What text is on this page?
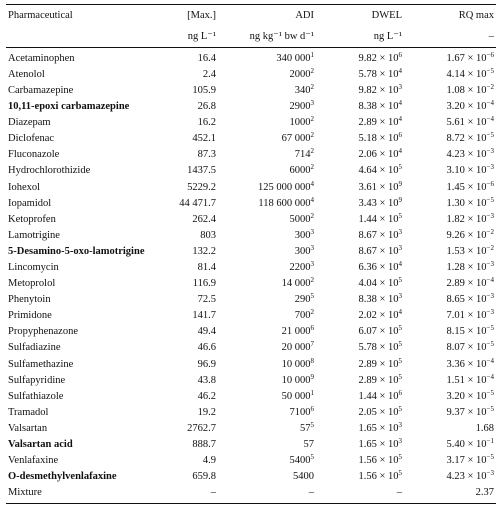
Pharmaceutical	[Max.]	ADI	DWEL	RQ max
	ng L⁻¹	ng kg⁻¹ bw d⁻¹	ng L⁻¹	–
Acetaminophen	16.4	340 $000^1$	$9.82 \times 10^6$	$1.67 \times 10^{-6}$
Atenolol	2.4	2000$^2$	$5.78 \times 10^4$	$4.14 \times 10^{-5}$
Carbamazepine	105.9	$340^2$	$9.82 \times 10^3$	$1.08 \times 10^{-2}$
10,11-epoxi carbamazepine	26.8	2900$^3$	$8.38 \times 10^4$	$3.20 \times 10^{-4}$
Diazepam	16.2	1000$^2$	$2.89 \times 10^4$	$5.61 \times 10^{-4}$
Diclofenac	452.1	67 $000^2$	$5.18 \times 10^6$	$8.72 \times 10^{-5}$
Fluconazole	87.3	$714^2$	$2.06 \times 10^4$	$4.23 \times 10^{-3}$
Hydrochlorothizide	1437.5	6000$^2$	$4.64 \times 10^5$	$3.10 \times 10^{-3}$
Iohexol	5229.2	125 000 $000^4$	$3.61 \times 10^9$	$1.45 \times 10^{-6}$
Iopamidol	44 471.7	118 600 $000^4$	$3.43 \times 10^9$	$1.30 \times 10^{-5}$
Ketoprofen	262.4	5000$^2$	$1.44 \times 10^5$	$1.82 \times 10^{-3}$
Lamotrigine	803	$300^3$	$8.67 \times 10^3$	$9.26 \times 10^{-2}$
5-Desamino-5-oxo-lamotrigine	132.2	$300^3$	$8.67 \times 10^3$	$1.53 \times 10^{-2}$
Lincomycin	81.4	2200$^3$	$6.36 \times 10^4$	$1.28 \times 10^{-3}$
Metoprolol	116.9	14 $000^2$	$4.04 \times 10^5$	$2.89 \times 10^{-4}$
Phenytoin	72.5	$290^5$	$8.38 \times 10^3$	$8.65 \times 10^{-3}$
Primidone	141.7	$700^2$	$2.02 \times 10^4$	$7.01 \times 10^{-3}$
Propyphenazone	49.4	21 $000^6$	$6.07 \times 10^5$	$8.15 \times 10^{-5}$
Sulfadiazine	46.6	20 $000^7$	$5.78 \times 10^5$	$8.07 \times 10^{-5}$
Sulfamethazine	96.9	10 $000^8$	$2.89 \times 10^5$	$3.36 \times 10^{-4}$
Sulfapyridine	43.8	10 $000^9$	$2.89 \times 10^5$	$1.51 \times 10^{-4}$
Sulfathiazole	46.2	50 $000^1$	$1.44 \times 10^6$	$3.20 \times 10^{-5}$
Tramadol	19.2	7100$^6$	$2.05 \times 10^5$	$9.37 \times 10^{-5}$
Valsartan	2762.7	$57^5$	$1.65 \times 10^3$	1.68
Valsartan acid	888.7	57	$1.65 \times 10^3$	$5.40 \times 10^{-1}$
Venlafaxine	4.9	5400$^5$	$1.56 \times 10^5$	$3.17 \times 10^{-5}$
O-desmethylvenlafaxine	659.8	5400	$1.56 \times 10^5$	$4.23 \times 10^{-3}$
Mixture	–	–	–	2.37
